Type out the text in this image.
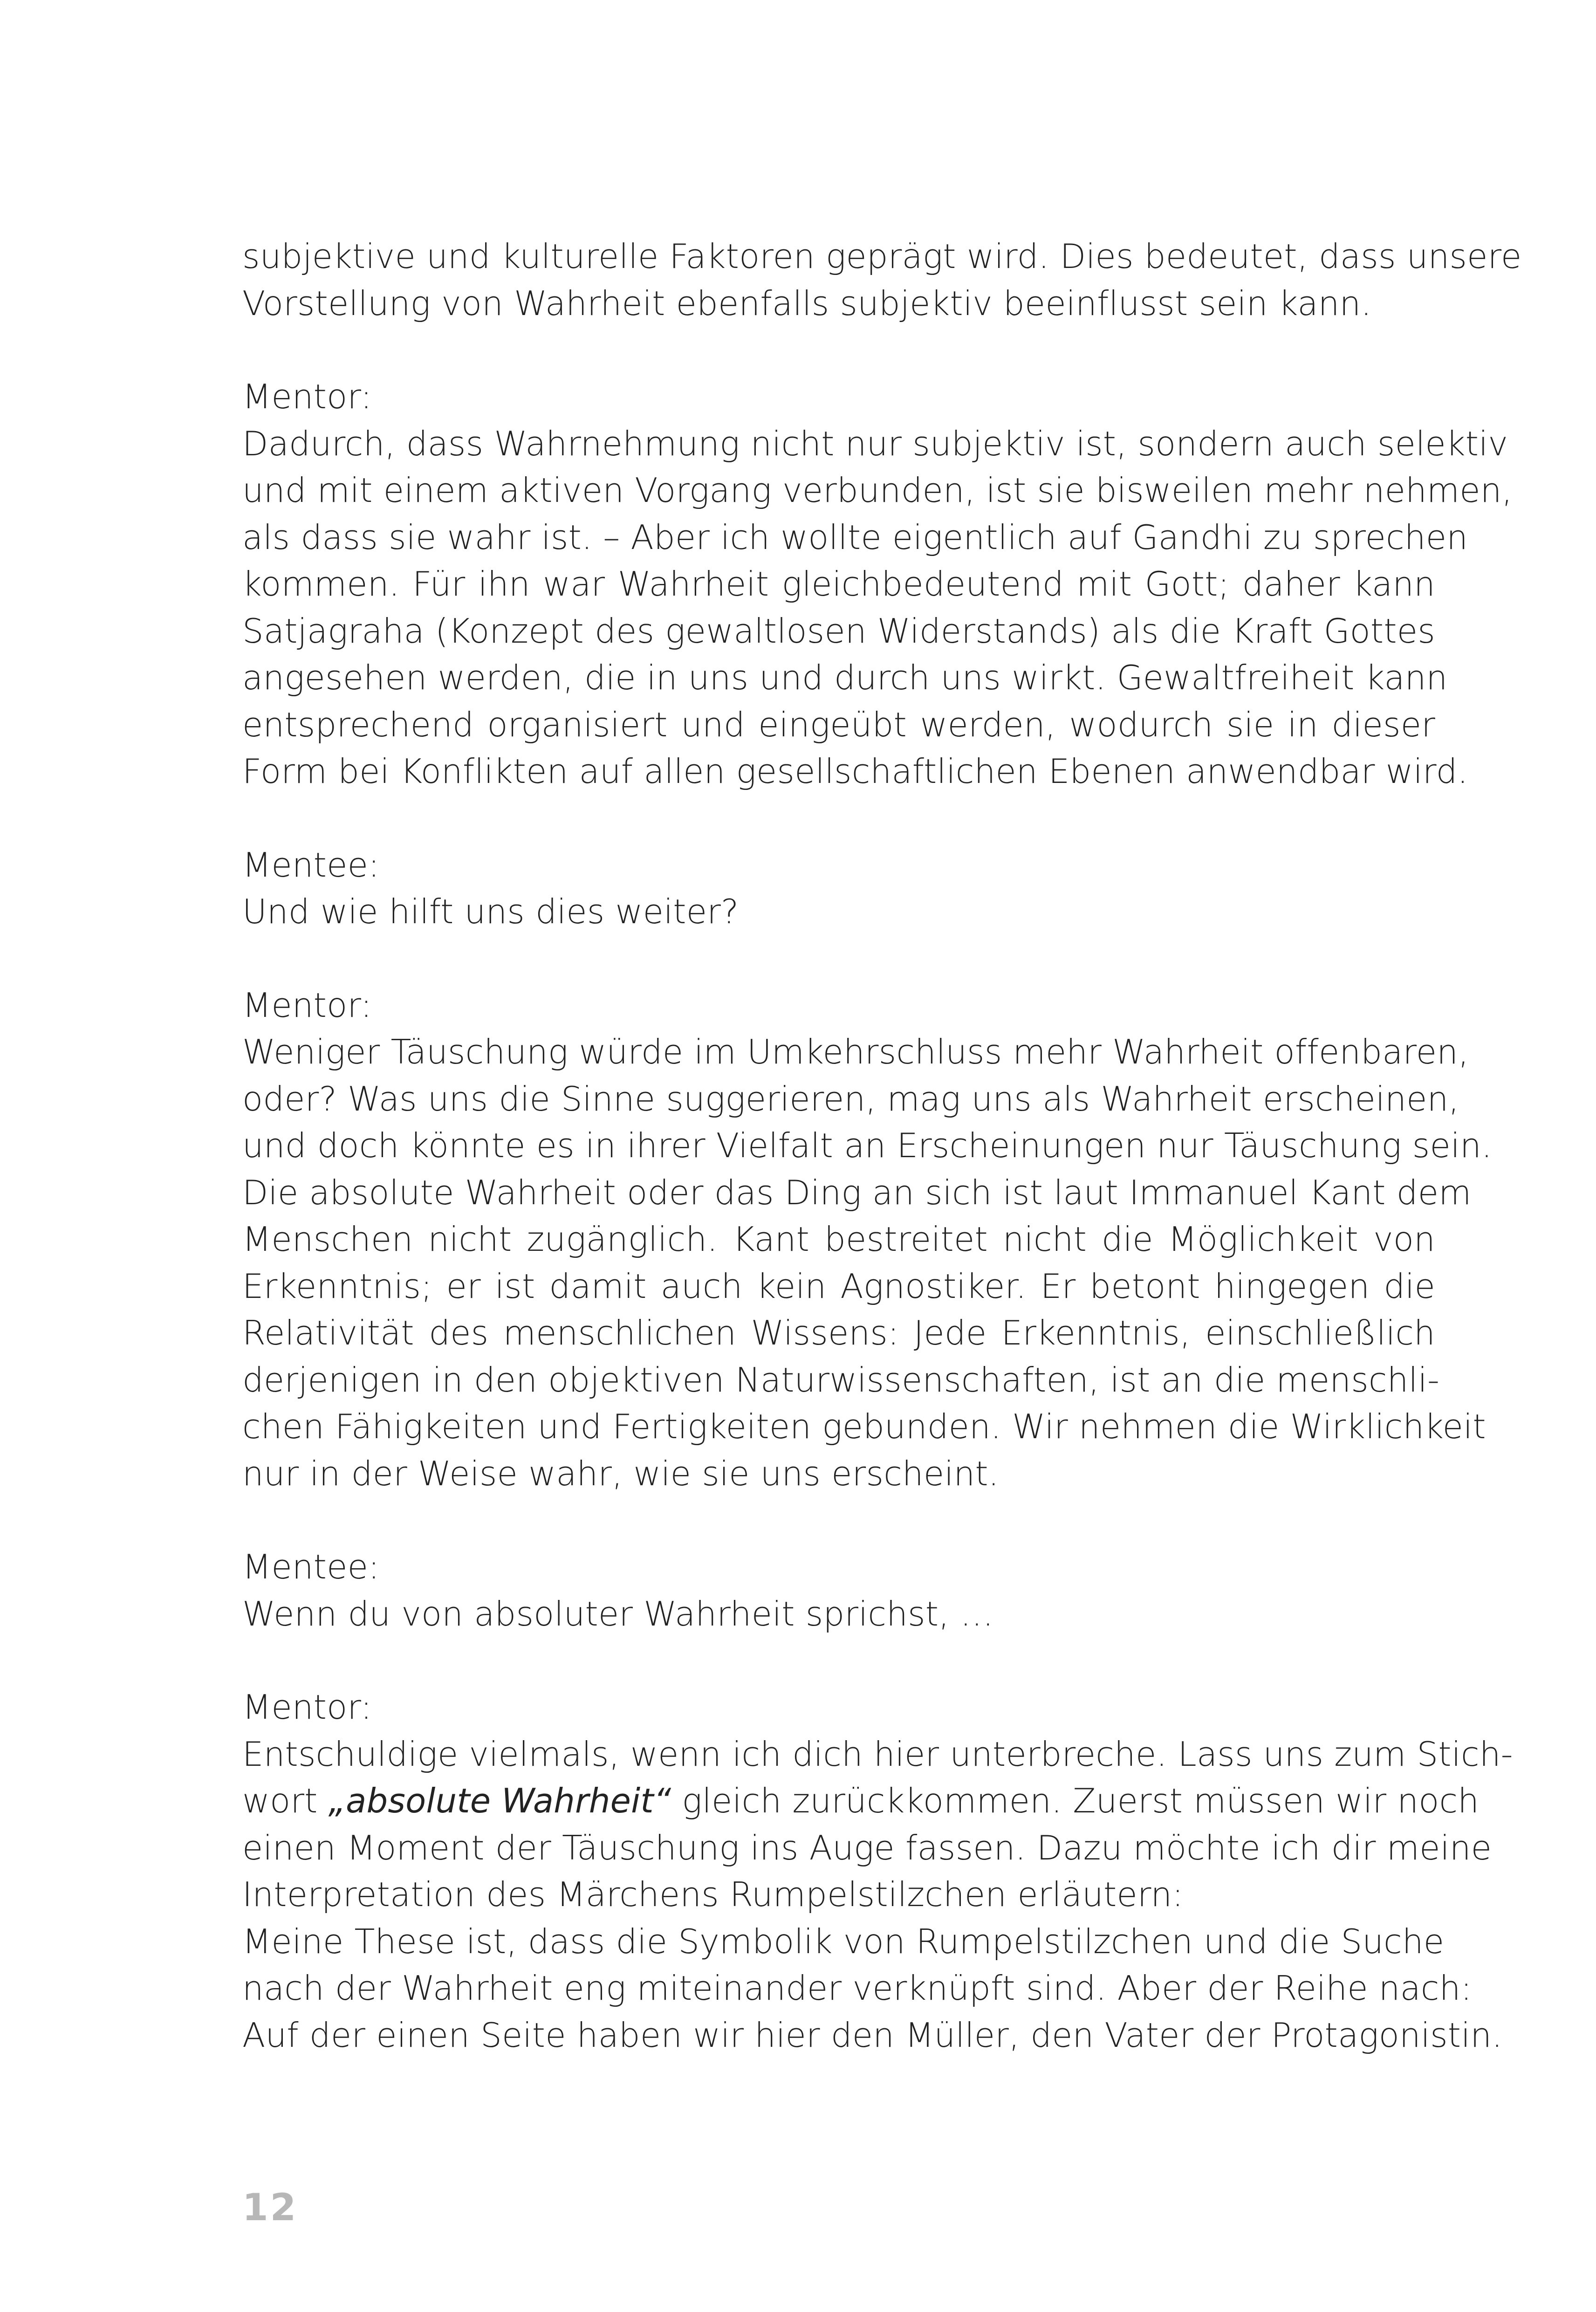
subjektive und kulturelle Faktoren geprägt wird. Dies bedeutet, dass unsere
Vorstellung von Wahrheit ebenfalls subjektiv beeinflusst sein kann.

Mentor:

Dadurch, dass Wahrnehmung nicht nur subjektiv ist, sondern auch selektiv
und mit einem aktiven Vorgang verbunden, ist sie bisweilen mehr nehmen,
als dass sie wahr ist. – Aber ich wollte eigentlich auf Gandhi zu sprechen
kommen. Für ihn war Wahrheit gleichbedeutend mit Gott; daher kann
Satjagraha (Konzept des gewaltlosen Widerstands) als die Kraft Gottes
angesehen werden, die in uns und durch uns wirkt. Gewaltfreiheit kann
entsprechend organisiert und eingeübt werden, wodurch sie in dieser
Form bei Konflikten auf allen gesellschaftlichen Ebenen anwendbar wird.

Mentee:

Und wie hilft uns dies weiter?

Mentor:

Weniger Täuschung würde im Umkehrschluss mehr Wahrheit offenbaren,
oder? Was uns die Sinne suggerieren, mag uns als Wahrheit erscheinen,
und doch könnte es in ihrer Vielfalt an Erscheinungen nur Täuschung sein.
Die absolute Wahrheit oder das Ding an sich ist laut Immanuel Kant dem
Menschen nicht zugänglich. Kant bestreitet nicht die Möglichkeit von
Erkenntnis; er ist damit auch kein Agnostiker. Er betont hingegen die
Relativität des menschlichen Wissens: Jede Erkenntnis, einschließlich
derjenigen in den objektiven Naturwissenschaften, ist an die menschli-
chen Fähigkeiten und Fertigkeiten gebunden. Wir nehmen die Wirklichkeit
nur in der Weise wahr, wie sie uns erscheint.

Mentee:

Wenn du von absoluter Wahrheit sprichst, …

Mentor:

Entschuldige vielmals, wenn ich dich hier unterbreche. Lass uns zum Stich-
wort „absolute Wahrheit“ gleich zurückkommen. Zuerst müssen wir noch
einen Moment der Täuschung ins Auge fassen. Dazu möchte ich dir meine
Interpretation des Märchens Rumpelstilzchen erläutern:
Meine These ist, dass die Symbolik von Rumpelstilzchen und die Suche
nach der Wahrheit eng miteinander verknüpft sind. Aber der Reihe nach:
Auf der einen Seite haben wir hier den Müller, den Vater der Protagonistin.

12
